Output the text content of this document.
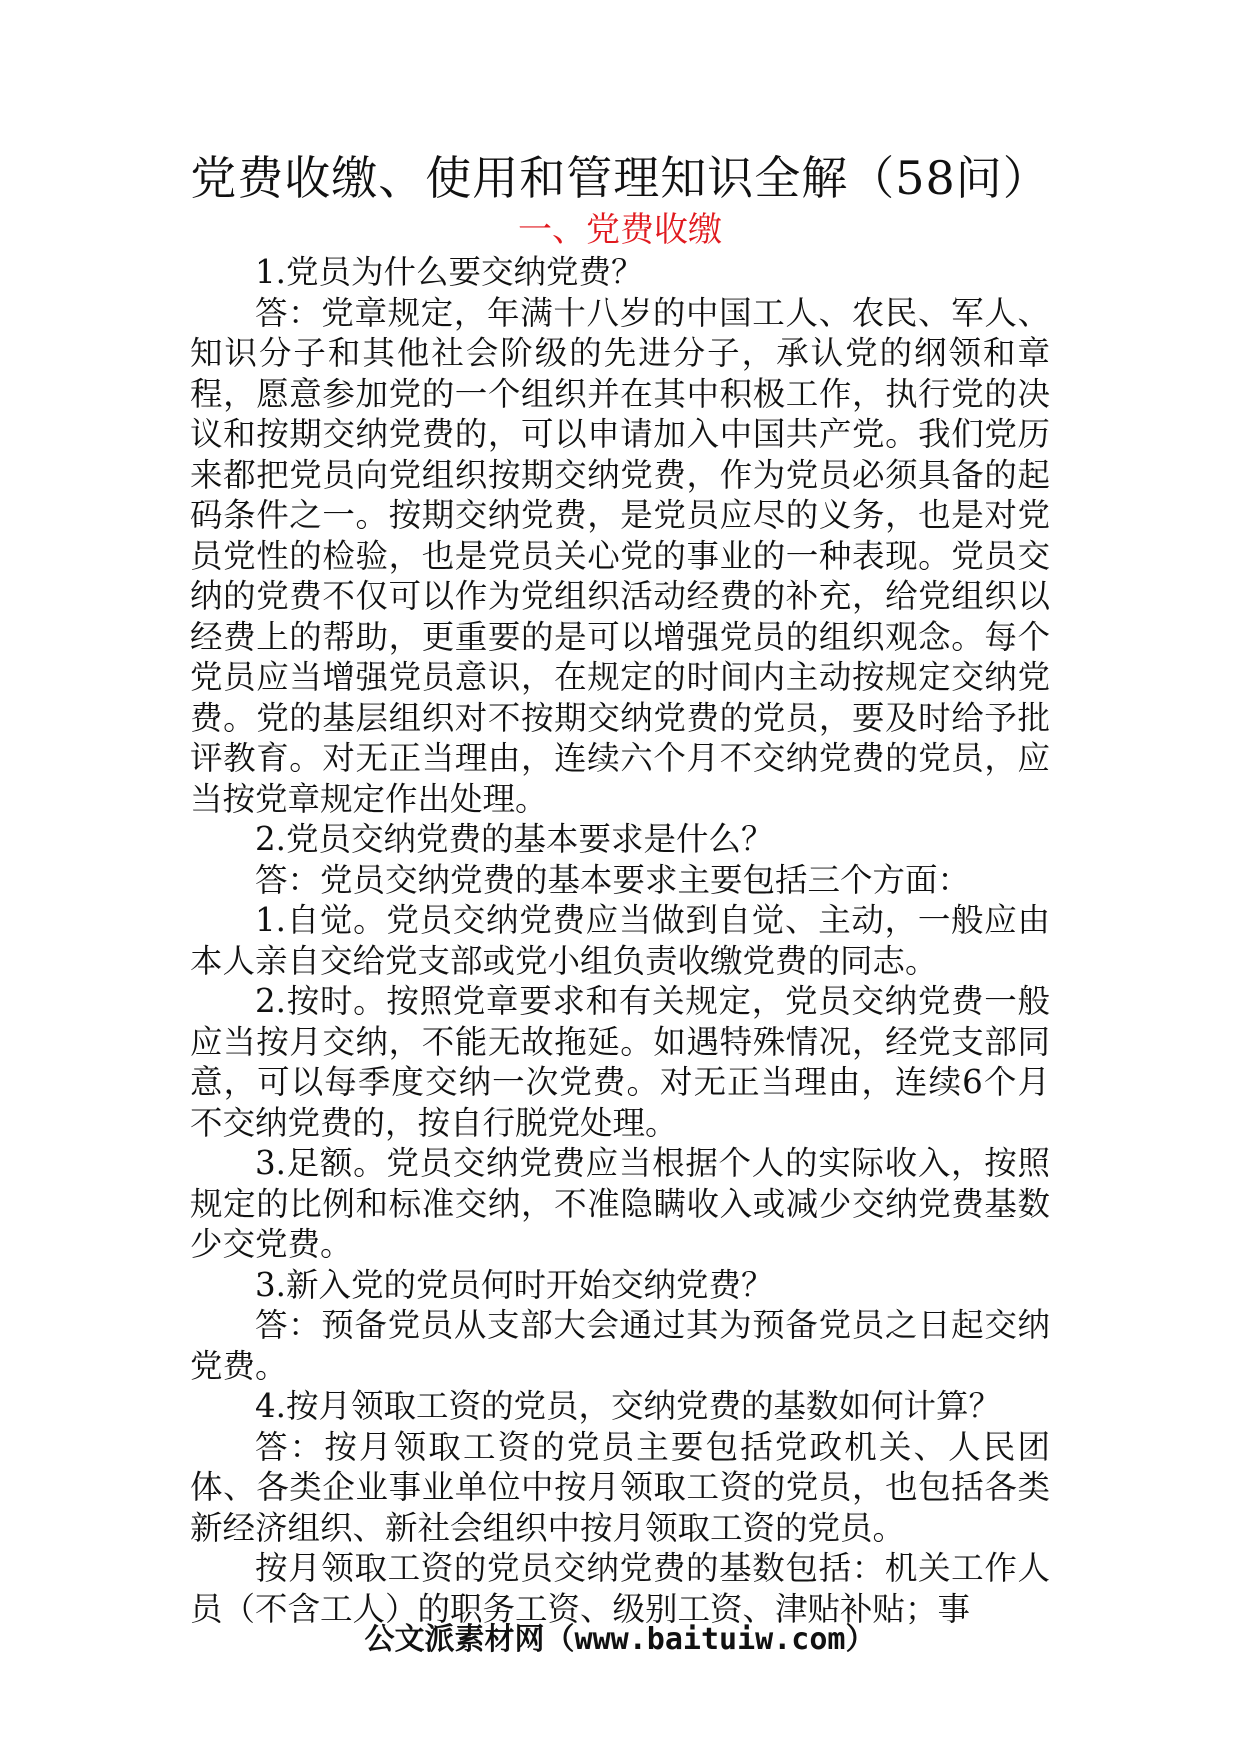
党费收缴、使用和管理知识全解（58问）
一、党费收缴

1.党员为什么要交纳党费？

答：党章规定，年满十八岁的中国工人、农民、军人、知识分子和其他社会阶级的先进分子，承认党的纲领和章程，愿意参加党的一个组织并在其中积极工作，执行党的决议和按期交纳党费的，可以申请加入中国共产党。我们党历来都把党员向党组织按期交纳党费，作为党员必须具备的起码条件之一。按期交纳党费，是党员应尽的义务，也是对党员党性的检验，也是党员关心党的事业的一种表现。党员交纳的党费不仅可以作为党组织活动经费的补充，给党组织以经费上的帮助，更重要的是可以增强党员的组织观念。每个党员应当增强党员意识，在规定的时间内主动按规定交纳党费。党的基层组织对不按期交纳党费的党员，要及时给予批评教育。对无正当理由，连续六个月不交纳党费的党员，应当按党章规定作出处理。

2.党员交纳党费的基本要求是什么？

答：党员交纳党费的基本要求主要包括三个方面：

1.自觉。党员交纳党费应当做到自觉、主动，一般应由本人亲自交给党支部或党小组负责收缴党费的同志。

2.按时。按照党章要求和有关规定，党员交纳党费一般应当按月交纳，不能无故拖延。如遇特殊情况，经党支部同意，可以每季度交纳一次党费。对无正当理由，连续6个月不交纳党费的，按自行脱党处理。

3.足额。党员交纳党费应当根据个人的实际收入，按照规定的比例和标准交纳，不准隐瞒收入或减少交纳党费基数少交党费。

3.新入党的党员何时开始交纳党费？

答：预备党员从支部大会通过其为预备党员之日起交纳党费。

4.按月领取工资的党员，交纳党费的基数如何计算？

答：按月领取工资的党员主要包括党政机关、人民团体、各类企业事业单位中按月领取工资的党员，也包括各类新经济组织、新社会组织中按月领取工资的党员。

按月领取工资的党员交纳党费的基数包括：机关工作人员（不含工人）的职务工资、级别工资、津贴补贴；事

公文派素材网（www.baituiw.com）
